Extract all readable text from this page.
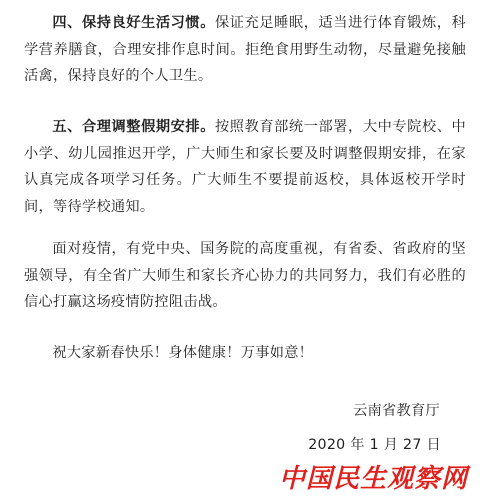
四、保持良好生活习惯。保证充足睡眠，适当进行体育锻炼，科学营养膳食，合理安排作息时间。拒绝食用野生动物，尽量避免接触活禽，保持良好的个人卫生。

五、合理调整假期安排。按照教育部统一部署，大中专院校、中小学、幼儿园推迟开学，广大师生和家长要及时调整假期安排，在家认真完成各项学习任务。广大师生不要提前返校，具体返校开学时间，等待学校通知。

面对疫情，有党中央、国务院的高度重视，有省委、省政府的坚强领导，有全省广大师生和家长齐心协力的共同努力，我们有必胜的信心打赢这场疫情防控阻击战。

祝大家新春快乐！身体健康！万事如意！

云南省教育厅

2020 年 1 月 27 日

中国民生观察网
